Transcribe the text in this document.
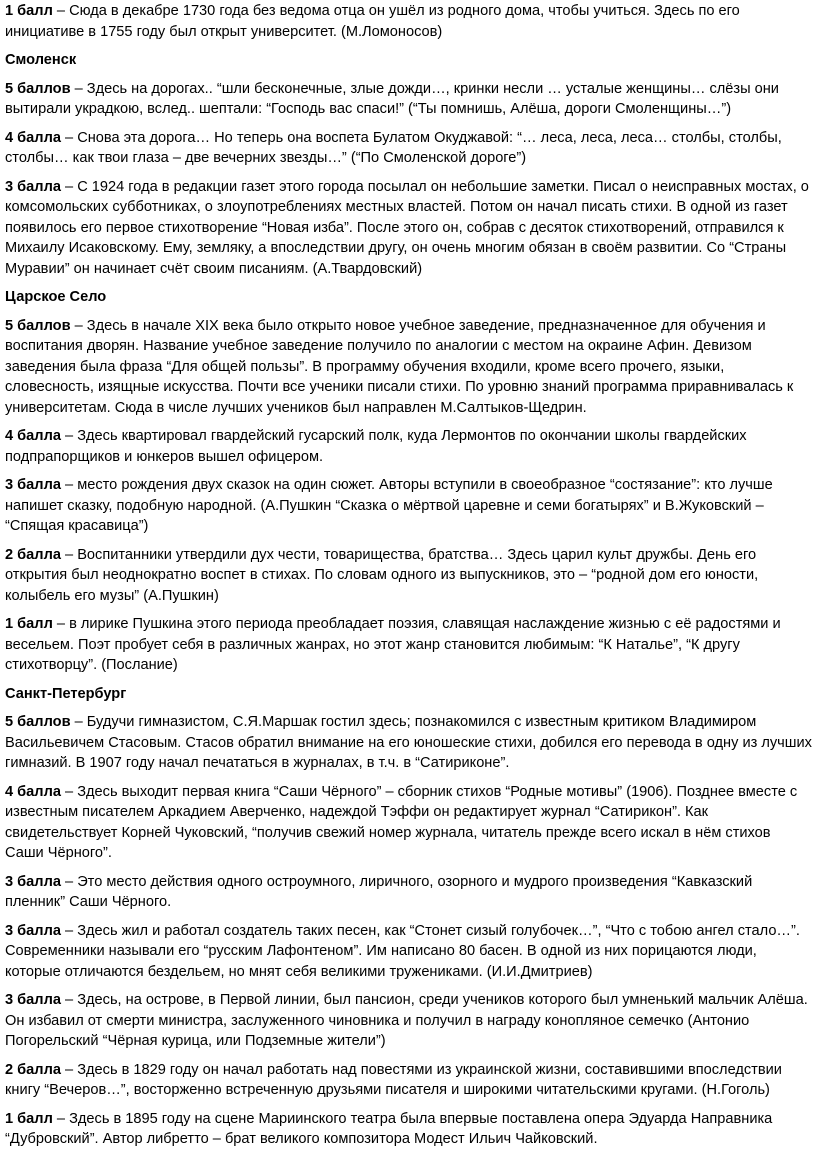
1 балл – Сюда в декабре 1730 года без ведома отца он ушёл из родного дома, чтобы учиться. Здесь по его инициативе в 1755 году был открыт университет. (М.Ломоносов)
Смоленск
5 баллов – Здесь на дорогах.. “шли бесконечные, злые дожди…, кринки несли … усталые женщины… слёзы они вытирали украдкою, вслед.. шептали: “Господь вас спаси!” (“Ты помнишь, Алёша, дороги Смоленщины…”)
4 балла – Снова эта дорога… Но теперь она воспета Булатом Окуджавой: “… леса, леса, леса… столбы, столбы, столбы… как твои глаза – две вечерних звезды…” (“По Смоленской дороге”)
3 балла – С 1924 года в редакции газет этого города посылал он небольшие заметки. Писал о неисправных мостах, о комсомольских субботниках, о злоупотреблениях местных властей. Потом он начал писать стихи. В одной из газет появилось его первое стихотворение “Новая изба”. После этого он, собрав с десяток стихотворений, отправился к Михаилу Исаковскому. Ему, земляку, а впоследствии другу, он очень многим обязан в своём развитии. Со “Страны Муравии” он начинает счёт своим писаниям. (А.Твардовский)
Царское Село
5 баллов – Здесь в начале XIX века было открыто новое учебное заведение, предназначенное для обучения и воспитания дворян. Название учебное заведение получило по аналогии с местом на окраине Афин. Девизом заведения была фраза “Для общей пользы”. В программу обучения входили, кроме всего прочего, языки, словесность, изящные искусства. Почти все ученики писали стихи. По уровню знаний программа приравнивалась к университетам. Сюда в числе лучших учеников был направлен М.Салтыков-Щедрин.
4 балла – Здесь квартировал гвардейский гусарский полк, куда Лермонтов по окончании школы гвардейских подпрапорщиков и юнкеров вышел офицером.
3 балла – место рождения двух сказок на один сюжет. Авторы вступили в своеобразное “состязание”: кто лучше напишет сказку, подобную народной. (А.Пушкин “Сказка о мёртвой царевне и семи богатырях” и В.Жуковский – “Спящая красавица”)
2 балла – Воспитанники утвердили дух чести, товарищества, братства… Здесь царил культ дружбы. День его открытия был неоднократно воспет в стихах. По словам одного из выпускников, это – “родной дом его юности, колыбель его музы” (А.Пушкин)
1 балл – в лирике Пушкина этого периода преобладает поэзия, славящая наслаждение жизнью с её радостями и весельем. Поэт пробует себя в различных жанрах, но этот жанр становится любимым: “К Наталье”, “К другу стихотворцу”. (Послание)
Санкт-Петербург
5 баллов – Будучи гимназистом, С.Я.Маршак гостил здесь; познакомился с известным критиком Владимиром Васильевичем Стасовым. Стасов обратил внимание на его юношеские стихи, добился его перевода в одну из лучших гимназий. В 1907 году начал печататься в журналах, в т.ч. в “Сатириконе”.
4 балла – Здесь выходит первая книга “Саши Чёрного” – сборник стихов “Родные мотивы” (1906). Позднее вместе с известным писателем Аркадием Аверченко, надеждой Тэффи он редактирует журнал “Сатирикон”. Как свидетельствует Корней Чуковский, “получив свежий номер журнала, читатель прежде всего искал в нём стихов Саши Чёрного”.
3 балла – Это место действия одного остроумного, лиричного, озорного и мудрого произведения “Кавказский пленник” Саши Чёрного.
3 балла – Здесь жил и работал создатель таких песен, как “Стонет сизый голубочек…”, “Что с тобою ангел стало…”. Современники называли его “русским Лафонтеном”. Им написано 80 басен. В одной из них порицаются люди, которые отличаются бездельем, но мнят себя великими тружениками. (И.И.Дмитриев)
3 балла – Здесь, на острове, в Первой линии, был пансион, среди учеников которого был умненький мальчик Алёша. Он избавил от смерти министра, заслуженного чиновника и получил в награду конопляное семечко (Антонио Погорельский “Чёрная курица, или Подземные жители”)
2 балла – Здесь в 1829 году он начал работать над повестями из украинской жизни, составившими впоследствии книгу “Вечеров…”, восторженно встреченную друзьями писателя и широкими читательскими кругами. (Н.Гоголь)
1 балл – Здесь в 1895 году на сцене Мариинского театра была впервые поставлена опера Эдуарда Направника “Дубровский”. Автор либретто – брат великого композитора Модест Ильич Чайковский.
